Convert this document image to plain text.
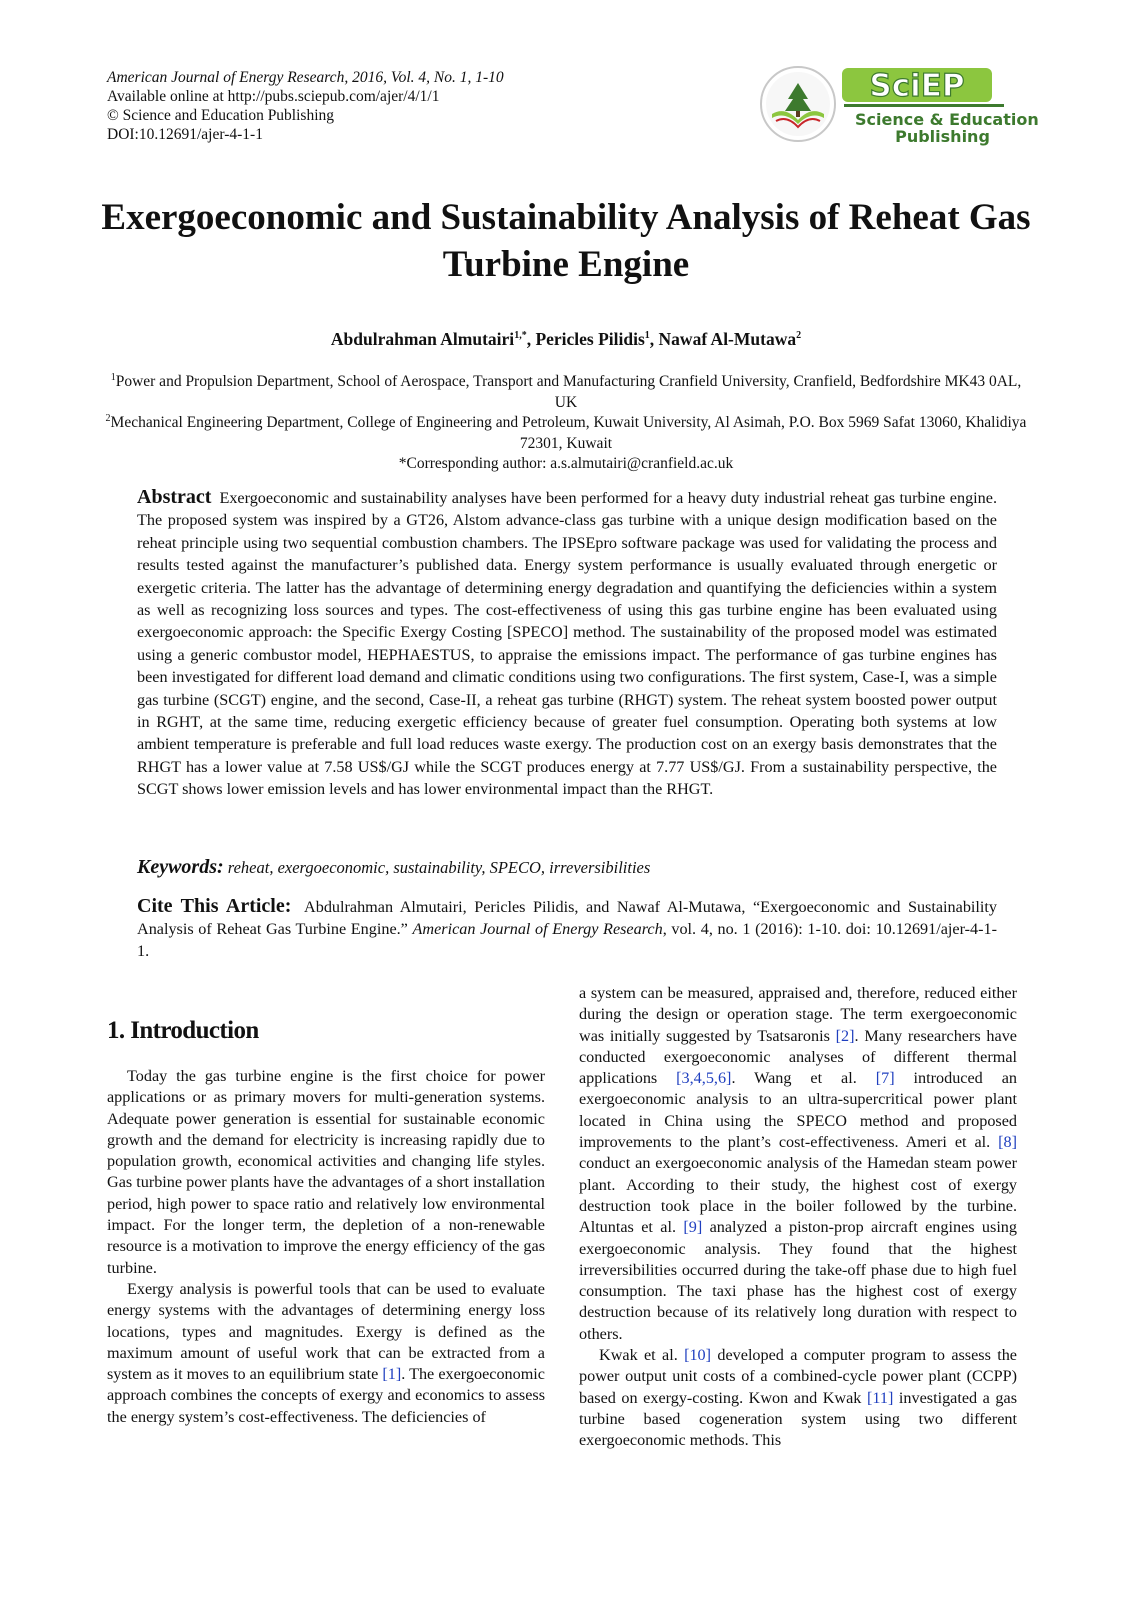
American Journal of Energy Research, 2016, Vol. 4, No. 1, 1-10
Available online at http://pubs.sciepub.com/ajer/4/1/1
© Science and Education Publishing
DOI:10.12691/ajer-4-1-1
SciEP
Science & Education
Publishing
Exergoeconomic and Sustainability Analysis of Reheat Gas Turbine Engine
Abdulrahman Almutairi$^{1,*}$, Pericles Pilidis$^1$, Nawaf Al-Mutawa$^2$
$^1$Power and Propulsion Department, School of Aerospace, Transport and Manufacturing Cranfield University, Cranfield, Bedfordshire MK43 0AL, UK
$^2$Mechanical Engineering Department, College of Engineering and Petroleum, Kuwait University, Al Asimah, P.O. Box 5969 Safat 13060, Khalidiya 72301, Kuwait
*Corresponding author: a.s.almutairi@cranfield.ac.uk
Abstract Exergoeconomic and sustainability analyses have been performed for a heavy duty industrial reheat gas turbine engine. The proposed system was inspired by a GT26, Alstom advance-class gas turbine with a unique design modification based on the reheat principle using two sequential combustion chambers. The IPSEpro software package was used for validating the process and results tested against the manufacturer’s published data. Energy system performance is usually evaluated through energetic or exergetic criteria. The latter has the advantage of determining energy degradation and quantifying the deficiencies within a system as well as recognizing loss sources and types. The cost-effectiveness of using this gas turbine engine has been evaluated using exergoeconomic approach: the Specific Exergy Costing [SPECO] method. The sustainability of the proposed model was estimated using a generic combustor model, HEPHAESTUS, to appraise the emissions impact. The performance of gas turbine engines has been investigated for different load demand and climatic conditions using two configurations. The first system, Case-I, was a simple gas turbine (SCGT) engine, and the second, Case-II, a reheat gas turbine (RHGT) system. The reheat system boosted power output in RGHT, at the same time, reducing exergetic efficiency because of greater fuel consumption. Operating both systems at low ambient temperature is preferable and full load reduces waste exergy. The production cost on an exergy basis demonstrates that the RHGT has a lower value at 7.58 US$/GJ while the SCGT produces energy at 7.77 US$/GJ. From a sustainability perspective, the SCGT shows lower emission levels and has lower environmental impact than the RHGT.
Keywords: reheat, exergoeconomic, sustainability, SPECO, irreversibilities
Cite This Article: Abdulrahman Almutairi, Pericles Pilidis, and Nawaf Al-Mutawa, “Exergoeconomic and Sustainability Analysis of Reheat Gas Turbine Engine.” American Journal of Energy Research, vol. 4, no. 1 (2016): 1-10. doi: 10.12691/ajer-4-1-1.
1. Introduction

Today the gas turbine engine is the first choice for power applications or as primary movers for multi-generation systems. Adequate power generation is essential for sustainable economic growth and the demand for electricity is increasing rapidly due to population growth, economical activities and changing life styles. Gas turbine power plants have the advantages of a short installation period, high power to space ratio and relatively low environmental impact. For the longer term, the depletion of a non-renewable resource is a motivation to improve the energy efficiency of the gas turbine.

Exergy analysis is powerful tools that can be used to evaluate energy systems with the advantages of determining energy loss locations, types and magnitudes. Exergy is defined as the maximum amount of useful work that can be extracted from a system as it moves to an equilibrium state [1]. The exergoeconomic approach combines the concepts of exergy and economics to assess the energy system’s cost-effectiveness. The deficiencies of

a system can be measured, appraised and, therefore, reduced either during the design or operation stage. The term exergoeconomic was initially suggested by Tsatsaronis [2]. Many researchers have conducted exergoeconomic analyses of different thermal applications [3,4,5,6]. Wang et al. [7] introduced an exergoeconomic analysis to an ultra-supercritical power plant located in China using the SPECO method and proposed improvements to the plant’s cost-effectiveness. Ameri et al. [8] conduct an exergoeconomic analysis of the Hamedan steam power plant. According to their study, the highest cost of exergy destruction took place in the boiler followed by the turbine. Altuntas et al. [9] analyzed a piston-prop aircraft engines using exergoeconomic analysis. They found that the highest irreversibilities occurred during the take-off phase due to high fuel consumption. The taxi phase has the highest cost of exergy destruction because of its relatively long duration with respect to others.

Kwak et al. [10] developed a computer program to assess the power output unit costs of a combined-cycle power plant (CCPP) based on exergy-costing. Kwon and Kwak [11] investigated a gas turbine based cogeneration system using two different exergoeconomic methods. This
